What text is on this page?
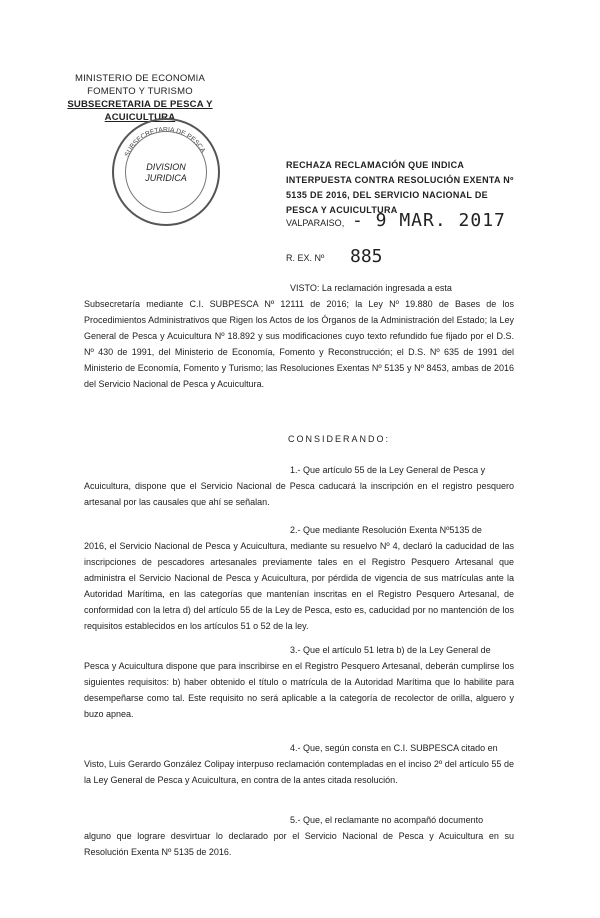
MINISTERIO DE ECONOMIA
FOMENTO Y TURISMO
SUBSECRETARIA DE PESCA Y ACUICULTURA
SUBSECRETARIA DE PESCA
DIVISION
JURIDICA
RECHAZA RECLAMACIÓN QUE INDICA
INTERPUESTA CONTRA RESOLUCIÓN EXENTA Nº
5135 DE 2016, DEL SERVICIO NACIONAL DE
PESCA Y ACUICULTURA
VALPARAISO, - 9 MAR. 2017
R. EX. Nº 885
VISTO: La reclamación ingresada a esta
Subsecretaría mediante C.I. SUBPESCA Nº 12111 de 2016; la Ley Nº 19.880 de Bases de los Procedimientos Administrativos que Rigen los Actos de los Órganos de la Administración del Estado; la Ley General de Pesca y Acuicultura Nº 18.892 y sus modificaciones cuyo texto refundido fue fijado por el D.S. Nº 430 de 1991, del Ministerio de Economía, Fomento y Reconstrucción; el D.S. Nº 635 de 1991 del Ministerio de Economía, Fomento y Turismo; las Resoluciones Exentas Nº 5135 y Nº 8453, ambas de 2016 del Servicio Nacional de Pesca y Acuicultura.
CONSIDERANDO:
1.- Que artículo 55 de la Ley General de Pesca y
Acuicultura, dispone que el Servicio Nacional de Pesca caducará la inscripción en el registro pesquero artesanal por las causales que ahí se señalan.
2.- Que mediante Resolución Exenta Nº5135 de
2016, el Servicio Nacional de Pesca y Acuicultura, mediante su resuelvo Nº 4, declaró la caducidad de las inscripciones de pescadores artesanales previamente tales en el Registro Pesquero Artesanal que administra el Servicio Nacional de Pesca y Acuicultura, por pérdida de vigencia de sus matrículas ante la Autoridad Marítima, en las categorías que mantenían inscritas en el Registro Pesquero Artesanal, de conformidad con la letra d) del artículo 55 de la Ley de Pesca, esto es, caducidad por no mantención de los requisitos establecidos en los artículos 51 o 52 de la ley.
3.- Que el artículo 51 letra b) de la Ley General de
Pesca y Acuicultura dispone que para inscribirse en el Registro Pesquero Artesanal, deberán cumplirse los siguientes requisitos: b) haber obtenido el título o matrícula de la Autoridad Marítima que lo habilite para desempeñarse como tal. Este requisito no será aplicable a la categoría de recolector de orilla, alguero y buzo apnea.
4.- Que, según consta en C.I. SUBPESCA citado en
Visto, Luis Gerardo González Colipay interpuso reclamación contempladas en el inciso 2º del artículo 55 de la Ley General de Pesca y Acuicultura, en contra de la antes citada resolución.
5.- Que, el reclamante no acompañó documento
alguno que lograre desvirtuar lo declarado por el Servicio Nacional de Pesca y Acuicultura en su Resolución Exenta Nº 5135 de 2016.
